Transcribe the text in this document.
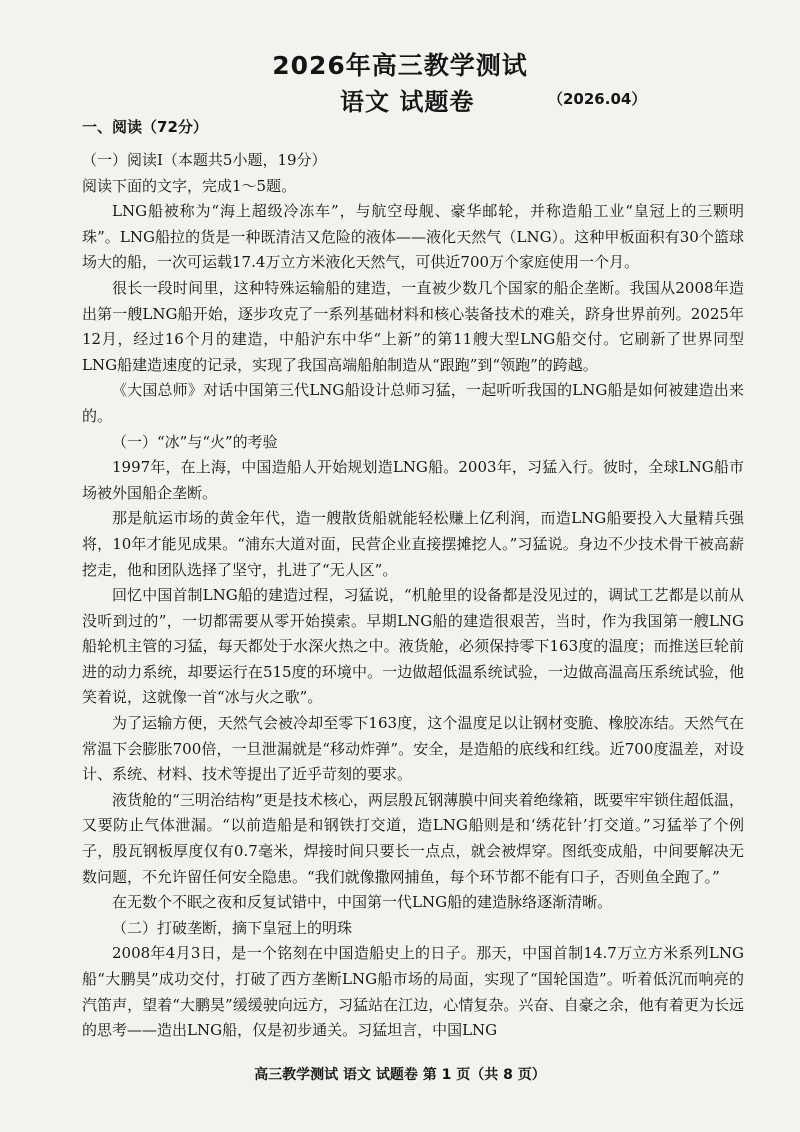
2026年高三教学测试
语文 试题卷	（2026.04）
一、阅读（72分）

（一）阅读Ⅰ（本题共5小题，19分）

阅读下面的文字，完成1～5题。

LNG船被称为“海上超级冷冻车”，与航空母舰、豪华邮轮，并称造船工业“皇冠上的三颗明珠”。LNG船拉的货是一种既清洁又危险的液体——液化天然气（LNG）。这种甲板面积有30个篮球场大的船，一次可运载17.4万立方米液化天然气，可供近700万个家庭使用一个月。

很长一段时间里，这种特殊运输船的建造，一直被少数几个国家的船企垄断。我国从2008年造出第一艘LNG船开始，逐步攻克了一系列基础材料和核心装备技术的难关，跻身世界前列。2025年12月，经过16个月的建造，中船沪东中华“上新”的第11艘大型LNG船交付。它刷新了世界同型LNG船建造速度的记录，实现了我国高端船舶制造从“跟跑”到“领跑”的跨越。

《大国总师》对话中国第三代LNG船设计总师习猛，一起听听我国的LNG船是如何被建造出来的。

（一）“冰”与“火”的考验

1997年，在上海，中国造船人开始规划造LNG船。2003年，习猛入行。彼时，全球LNG船市场被外国船企垄断。

那是航运市场的黄金年代，造一艘散货船就能轻松赚上亿利润，而造LNG船要投入大量精兵强将，10年才能见成果。“浦东大道对面，民营企业直接摆摊挖人。”习猛说。身边不少技术骨干被高薪挖走，他和团队选择了坚守，扎进了“无人区”。

回忆中国首制LNG船的建造过程，习猛说，“机舱里的设备都是没见过的，调试工艺都是以前从没听到过的”，一切都需要从零开始摸索。早期LNG船的建造很艰苦，当时，作为我国第一艘LNG船轮机主管的习猛，每天都处于水深火热之中。液货舱，必须保持零下163度的温度；而推送巨轮前进的动力系统，却要运行在515度的环境中。一边做超低温系统试验，一边做高温高压系统试验，他笑着说，这就像一首“冰与火之歌”。

为了运输方便，天然气会被冷却至零下163度，这个温度足以让钢材变脆、橡胶冻结。天然气在常温下会膨胀700倍，一旦泄漏就是“移动炸弹”。安全，是造船的底线和红线。近700度温差，对设计、系统、材料、技术等提出了近乎苛刻的要求。

液货舱的“三明治结构”更是技术核心，两层殷瓦钢薄膜中间夹着绝缘箱，既要牢牢锁住超低温，又要防止气体泄漏。“以前造船是和钢铁打交道，造LNG船则是和‘绣花针’打交道。”习猛举了个例子，殷瓦钢板厚度仅有0.7毫米，焊接时间只要长一点点，就会被焊穿。图纸变成船，中间要解决无数问题，不允许留任何安全隐患。“我们就像撒网捕鱼，每个环节都不能有口子，否则鱼全跑了。”

在无数个不眠之夜和反复试错中，中国第一代LNG船的建造脉络逐渐清晰。

（二）打破垄断，摘下皇冠上的明珠

2008年4月3日，是一个铭刻在中国造船史上的日子。那天，中国首制14.7万立方米系列LNG船“大鹏昊”成功交付，打破了西方垄断LNG船市场的局面，实现了“国轮国造”。听着低沉而响亮的汽笛声，望着“大鹏昊”缓缓驶向远方，习猛站在江边，心情复杂。兴奋、自豪之余，他有着更为长远的思考——造出LNG船，仅是初步通关。习猛坦言，中国LNG

高三教学测试 语文 试题卷 第 1 页（共 8 页）
